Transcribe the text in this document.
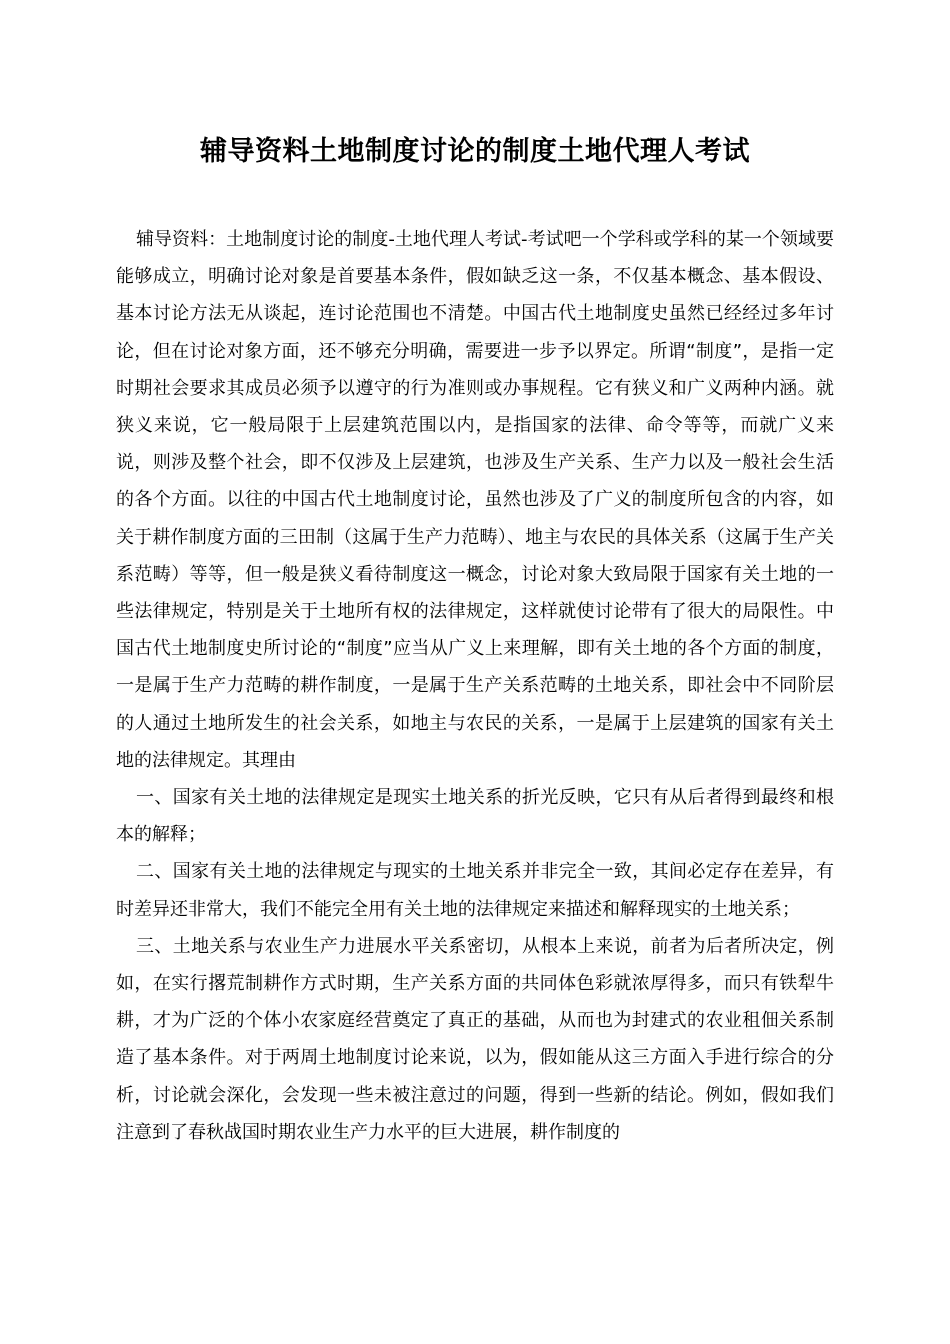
辅导资料土地制度讨论的制度土地代理人考试

辅导资料：土地制度讨论的制度-土地代理人考试-考试吧一个学科或学科的某一个领域要能够成立，明确讨论对象是首要基本条件，假如缺乏这一条，不仅基本概念、基本假设、基本讨论方法无从谈起，连讨论范围也不清楚。中国古代土地制度史虽然已经经过多年讨论，但在讨论对象方面，还不够充分明确，需要进一步予以界定。所谓“制度”，是指一定时期社会要求其成员必须予以遵守的行为准则或办事规程。它有狭义和广义两种内涵。就狭义来说，它一般局限于上层建筑范围以内，是指国家的法律、命令等等，而就广义来说，则涉及整个社会，即不仅涉及上层建筑，也涉及生产关系、生产力以及一般社会生活的各个方面。以往的中国古代土地制度讨论，虽然也涉及了广义的制度所包含的内容，如关于耕作制度方面的三田制（这属于生产力范畴）、地主与农民的具体关系（这属于生产关系范畴）等等，但一般是狭义看待制度这一概念，讨论对象大致局限于国家有关土地的一些法律规定，特别是关于土地所有权的法律规定，这样就使讨论带有了很大的局限性。中国古代土地制度史所讨论的“制度”应当从广义上来理解，即有关土地的各个方面的制度，一是属于生产力范畴的耕作制度，一是属于生产关系范畴的土地关系，即社会中不同阶层的人通过土地所发生的社会关系，如地主与农民的关系，一是属于上层建筑的国家有关土地的法律规定。其理由

一、国家有关土地的法律规定是现实土地关系的折光反映，它只有从后者得到最终和根本的解释；

二、国家有关土地的法律规定与现实的土地关系并非完全一致，其间必定存在差异，有时差异还非常大，我们不能完全用有关土地的法律规定来描述和解释现实的土地关系；

三、土地关系与农业生产力进展水平关系密切，从根本上来说，前者为后者所决定，例如，在实行撂荒制耕作方式时期，生产关系方面的共同体色彩就浓厚得多，而只有铁犁牛耕，才为广泛的个体小农家庭经营奠定了真正的基础，从而也为封建式的农业租佃关系制造了基本条件。对于两周土地制度讨论来说，以为，假如能从这三方面入手进行综合的分析，讨论就会深化，会发现一些未被注意过的问题，得到一些新的结论。例如，假如我们注意到了春秋战国时期农业生产力水平的巨大进展，耕作制度的
